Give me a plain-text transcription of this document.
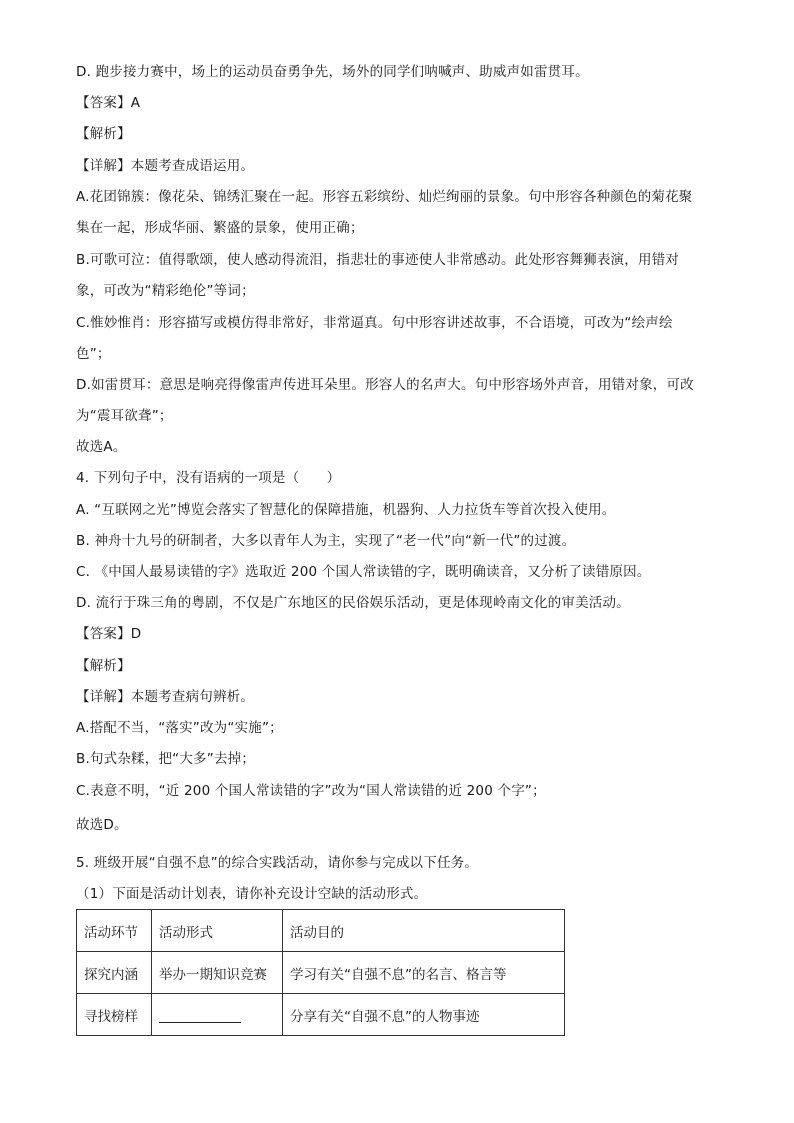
D. 跑步接力赛中，场上的运动员奋勇争先，场外的同学们呐喊声、助威声如雷贯耳。
【答案】A
【解析】
【详解】本题考查成语运用。
A.花团锦簇：像花朵、锦绣汇聚在一起。形容五彩缤纷、灿烂绚丽的景象。句中形容各种颜色的菊花聚
集在一起，形成华丽、繁盛的景象，使用正确；
B.可歌可泣：值得歌颂，使人感动得流泪，指悲壮的事迹使人非常感动。此处形容舞狮表演，用错对
象，可改为“精彩绝伦”等词；
C.惟妙惟肖：形容描写或模仿得非常好，非常逼真。句中形容讲述故事，不合语境，可改为“绘声绘
色”；
D.如雷贯耳：意思是响亮得像雷声传进耳朵里。形容人的名声大。句中形容场外声音，用错对象，可改
为“震耳欲聋”；
故选A。
4. 下列句子中，没有语病的一项是（　　）
A. “互联网之光”博览会落实了智慧化的保障措施，机器狗、人力拉货车等首次投入使用。
B. 神舟十九号的研制者，大多以青年人为主，实现了“老一代”向“新一代”的过渡。
C. 《中国人最易读错的字》选取近 200 个国人常读错的字，既明确读音，又分析了读错原因。
D. 流行于珠三角的粤剧，不仅是广东地区的民俗娱乐活动，更是体现岭南文化的审美活动。
【答案】D
【解析】
【详解】本题考查病句辨析。
A.搭配不当，“落实”改为“实施”；
B.句式杂糅，把“大多”去掉；
C.表意不明，“近 200 个国人常读错的字”改为“国人常读错的近 200 个字”；
故选D。
5. 班级开展“自强不息”的综合实践活动，请你参与完成以下任务。
（1）下面是活动计划表，请你补充设计空缺的活动形式。
活动环节	活动形式	活动目的
探究内涵	举办一期知识竞赛	学习有关“自强不息”的名言、格言等
寻找榜样		分享有关“自强不息”的人物事迹
